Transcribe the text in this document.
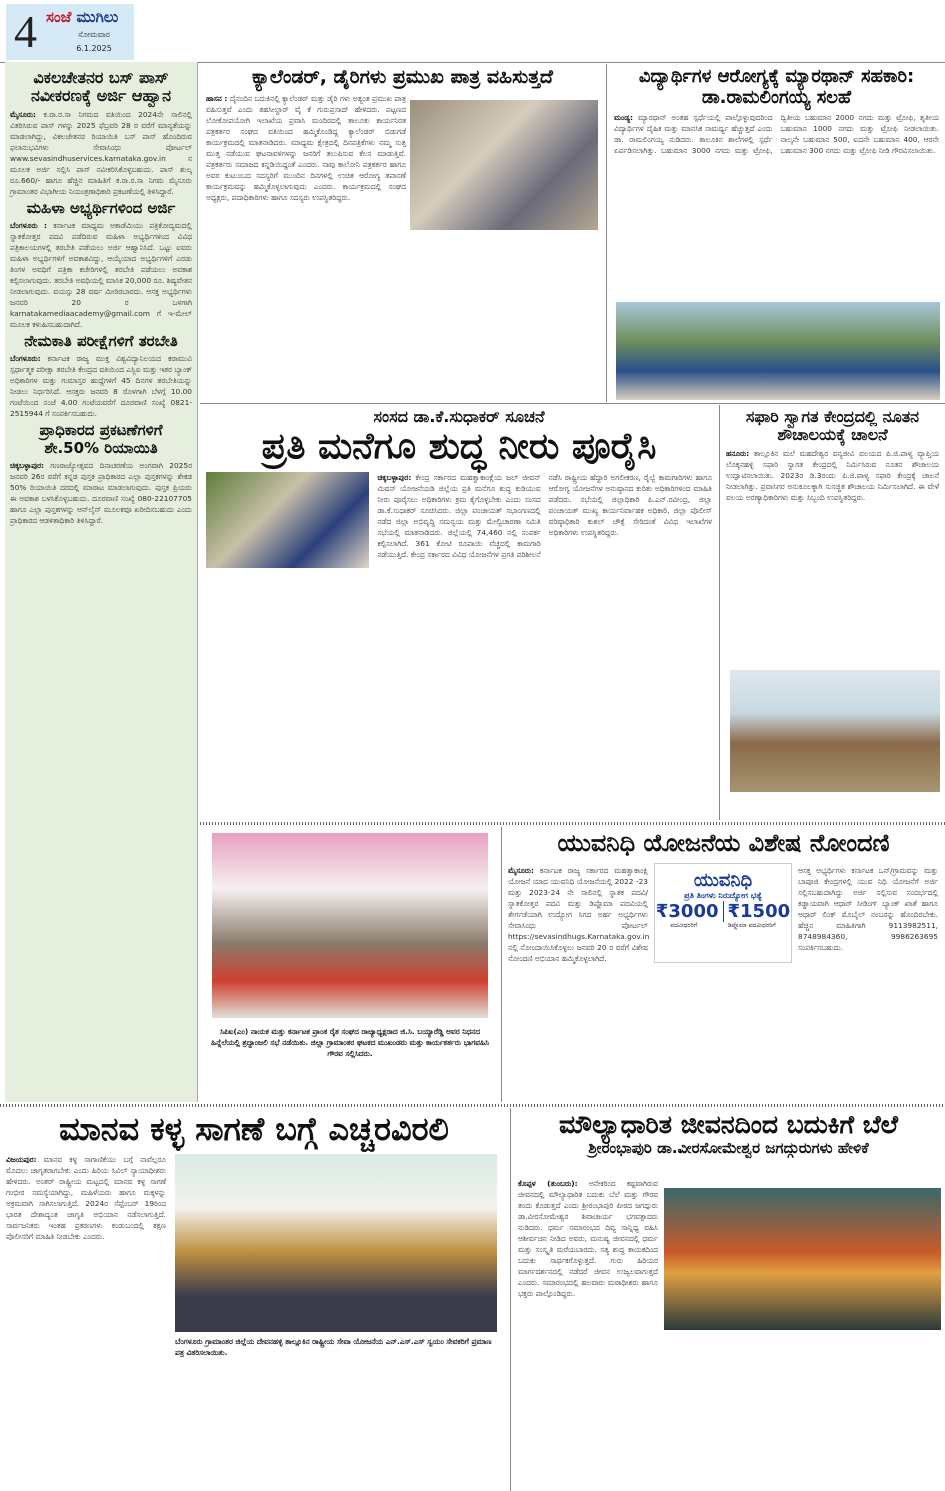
4 ಸಂಜೆ ಮುಗಿಲು
ಸೋಮವಾರ
6.1.2025
ವಿಕಲಚೇತನರ ಬಸ್ ಪಾಸ್ ನವೀಕರಣಕ್ಕೆ ಅರ್ಜಿ ಆಹ್ವಾನ

ಮೈಸೂರು: ಕ.ರಾ.ರ.ಸಾ ನಿಗಮದ ವತಿಯಿಂದ 2024ನೇ ಸಾಲಿನಲ್ಲಿ ವಿತರಿಸಿರುವ ಪಾಸ್ ಗಳನ್ನು 2025 ಫೆಬ್ರವರಿ 28 ರ ವರೆಗೆ ಮಾನ್ಯತೆಯನ್ನು ಮಾಡಲಾಗಿದ್ದು, ವಿಕಲಚೇತನರ ರಿಯಾಯಿತಿ ಬಸ್ ಪಾಸ್ ಹೊಂದಿರುವ ಫಲಾನುಭವಿಗಳು ಸೇವಾಸಿಂಧು ಪೋರ್ಟಲ್ www.sevasindhuservices.karnataka.gov.in ನ ಮೂಲಕ ಅರ್ಜಿ ಸಲ್ಲಿಸಿ ಪಾಸ್ ನವೀಕರಿಸಿಕೊಳ್ಳಬಹುದು. ಪಾಸ್ ಶುಲ್ಕ ರೂ.660/- ಹಾಗೂ ಹೆಚ್ಚಿನ ಮಾಹಿತಿಗೆ ಕ.ರಾ.ರ.ಸಾ ನಿಗಮ ಮೈಸೂರು ಗ್ರಾಮಾಂತರ ವಿಭಾಗೀಯ ನಿಯಂತ್ರಣಾಧಿಕಾರಿ ಪ್ರಕಟಣೆಯಲ್ಲಿ ತಿಳಿಸಿದ್ದಾರೆ.

ಮಹಿಳಾ ಅಭ್ಯರ್ಥಿಗಳಿಂದ ಅರ್ಜಿ

ಬೆಂಗಳೂರು : ಕರ್ನಾಟಕ ಮಾಧ್ಯಮ ಅಕಾಡೆಮಿಯು ಪತ್ರಿಕೋದ್ಯಮದಲ್ಲಿ ಸ್ನಾತಕೋತ್ತರ ಪದವಿ ಪಡೆದಿರುವ ಮಹಿಳಾ ಅಭ್ಯರ್ಥಿಗಳಿಂದ ವಿವಿಧ ಪತ್ರಿಕಾಲಯಗಳಲ್ಲಿ ತರಬೇತಿ ಪಡೆಯಲು ಅರ್ಜಿ ಆಹ್ವಾನಿಸಿದೆ. ಒಟ್ಟು ಐವರು ಮಹಿಳಾ ಅಭ್ಯರ್ಥಿಗಳಿಗೆ ಅವಕಾಶವಿದ್ದು, ಆಯ್ಕೆಯಾದ ಅಭ್ಯರ್ಥಿಗಳಿಗೆ ಎರಡು ತಿಂಗಳ ಅವಧಿಗೆ ಪತ್ರಿಕಾ ಕಚೇರಿಗಳಲ್ಲಿ ತರಬೇತಿ ಪಡೆಯಲು ಅವಕಾಶ ಕಲ್ಪಿಸಲಾಗುವುದು. ತರಬೇತಿ ಅವಧಿಯಲ್ಲಿ ಮಾಸಿಕ 20,000 ರೂ. ಶಿಷ್ಯವೇತನ ನೀಡಲಾಗುವುದು. ವಯಸ್ಸು 28 ವರ್ಷ ಮೀರಿರಬಾರದು. ಆಸಕ್ತ ಅಭ್ಯರ್ಥಿಗಳು ಜನವರಿ 20 ರ ಒಳಗಾಗಿ karnatakamediaacademy@gmail.com ಗೆ ಇ-ಮೇಲ್ ಮೂಲಕ ಕಳುಹಿಸಬಹುದಾಗಿದೆ.

ನೇಮಕಾತಿ ಪರೀಕ್ಷೆಗಳಿಗೆ ತರಬೇತಿ

ಬೆಂಗಳೂರು: ಕರ್ನಾಟಕ ರಾಜ್ಯ ಮುಕ್ತ ವಿಶ್ವವಿದ್ಯಾನಿಲಯದ ಕರಾಮುವಿ ಸ್ಪರ್ಧಾತ್ಮಕ ಪರೀಕ್ಷಾ ತರಬೇತಿ ಕೇಂದ್ರದ ವತಿಯಿಂದ ಎಸ್ಬಿಐ ಮತ್ತು ಇತರ ಬ್ಯಾಂಕ್ ಅಧಿಕಾರಿಗಳ ಮತ್ತು ಗುಮಾಸ್ತರ ಹುದ್ದೆಗಳಿಗೆ 45 ದಿನಗಳ ತರಬೇತಿಯನ್ನು ನೀಡಲು ನಿರ್ಧರಿಸಿದೆ. ಆಸಕ್ತರು ಜನವರಿ 8 ರೊಳಗಾಗಿ ಬೆಳಗ್ಗೆ 10.00 ಗಂಟೆಯಿಂದ ಸಂಜೆ 4.00 ಗಂಟೆಯವರೆಗೆ ದೂರವಾಣಿ ಸಂಖ್ಯೆ 0821-2515944 ಗೆ ಸಂಪರ್ಕಿಸಬಹುದು.

ಪ್ರಾಧಿಕಾರದ ಪ್ರಕಟಣೆಗಳಿಗೆ ಶೇ.50% ರಿಯಾಯಿತಿ

ಚಿಕ್ಕಬಳ್ಳಾಪುರ: ಗಣರಾಜ್ಯೋತ್ಸವದ ದಿನಾಚರಣೆಯ ಅಂಗವಾಗಿ 2025ರ ಜನವರಿ 26ರ ವರೆಗೆ ಕನ್ನಡ ಪುಸ್ತಕ ಪ್ರಾಧಿಕಾರದ ಎಲ್ಲಾ ಪುಸ್ತಕಗಳನ್ನು ಶೇಕಡ 50% ರಿಯಾಯಿತಿ ದರದಲ್ಲಿ ಮಾರಾಟ ಮಾಡಲಾಗುವುದು. ಪುಸ್ತಕ ಪ್ರಿಯರು ಈ ಅವಕಾಶ ಬಳಸಿಕೊಳ್ಳಬಹುದು. ದೂರವಾಣಿ ಸಂಖ್ಯೆ 080-22107705 ಹಾಗೂ ಎಲ್ಲಾ ಪುಸ್ತಕಗಳನ್ನು ಆನ್‌ಲೈನ್ ಮೂಲಕವೂ ಖರೀದಿಸಬಹುದು ಎಂದು ಪ್ರಾಧಿಕಾರದ ಆಡಳಿತಾಧಿಕಾರಿ ತಿಳಿಸಿದ್ದಾರೆ.

ಕ್ಯಾಲೆಂಡರ್, ಡೈರಿಗಳು ಪ್ರಮುಖ ಪಾತ್ರ ವಹಿಸುತ್ತದೆ

ಹಾಸನ : ದೈನಂದಿನ ಬದುಕಿನಲ್ಲಿ ಕ್ಯಾಲೆಂಡರ್ ಮತ್ತು ಡೈರಿ ಗಳು ಅತ್ಯಂತ ಪ್ರಮುಖ ಪಾತ್ರ ವಹಿಸುತ್ತವೆ ಎಂದು ತಹಸೀಲ್ದಾರ್ ವೈ ಕೆ ಗುರುಪ್ರಸಾದ್ ಹೇಳಿದರು. ಪಟ್ಟಣದ ಲೋಕೋಪಯೋಗಿ ಇಲಾಖೆಯ ಪ್ರವಾಸಿ ಮಂದಿರದಲ್ಲಿ ತಾಲೂಕು ಕಾರ್ಯನಿರತ ಪತ್ರಕರ್ತರ ಸಂಘದ ವತಿಯಿಂದ ಹಮ್ಮಿಕೊಂಡಿದ್ದ ಕ್ಯಾಲೆಂಡರ್ ಬಿಡುಗಡೆ ಕಾರ್ಯಕ್ರಮದಲ್ಲಿ ಮಾತನಾಡಿದರು. ಮಾಧ್ಯಮ ಕ್ಷೇತ್ರದಲ್ಲಿ ದಿನಪತ್ರಿಕೆಗಳು ನಮ್ಮ ಸುತ್ತ ಮುತ್ತ ನಡೆಯುವ ಘಟನಾವಳಿಗಳನ್ನು ಜನರಿಗೆ ತಲುಪಿಸುವ ಕೆಲಸ ಮಾಡುತ್ತಿವೆ. ಪತ್ರಕರ್ತರು ಸಮಾಜದ ಕನ್ನಡಿಯಿದ್ದಂತೆ ಎಂದರು. ನಾವು ಕಾಲೋನಿ ಪತ್ರಕರ್ತರ ಹಾಗೂ ಅವರ ಕುಟುಂಬದ ಸದಸ್ಯರಿಗೆ ಮುಂದಿನ ದಿನಗಳಲ್ಲಿ ಉಚಿತ ಆರೋಗ್ಯ ತಪಾಸಣೆ ಕಾರ್ಯಕ್ರಮವನ್ನು ಹಮ್ಮಿಕೊಳ್ಳಲಾಗುವುದು ಎಂದರು. ಕಾರ್ಯಕ್ರಮದಲ್ಲಿ ಸಂಘದ ಅಧ್ಯಕ್ಷರು, ಪದಾಧಿಕಾರಿಗಳು ಹಾಗೂ ಸದಸ್ಯರು ಉಪಸ್ಥಿತರಿದ್ದರು.

ವಿದ್ಯಾರ್ಥಿಗಳ ಆರೋಗ್ಯಕ್ಕೆ ಮ್ಯಾರಥಾನ್ ಸಹಕಾರಿ: ಡಾ.ರಾಮಲಿಂಗಯ್ಯ ಸಲಹೆ

ಮಂಡ್ಯ: ಮ್ಯಾರಥಾನ್ ಅಂತಹ ಸ್ಪರ್ಧೆಯಲ್ಲಿ ಪಾಲ್ಗೊಳ್ಳುವುದರಿಂದ ವಿದ್ಯಾರ್ಥಿಗಳ ದೈಹಿಕ ಮತ್ತು ಮಾನಸಿಕ ಸಾಮರ್ಥ್ಯ ಹೆಚ್ಚುತ್ತದೆ ಎಂದು ಡಾ. ರಾಮಲಿಂಗಯ್ಯ ನುಡಿದರು. ತಾಲೂಕಿನ ಶಾಲೆಗಳಲ್ಲಿ ಸ್ಪರ್ಧೆ ಏರ್ಪಡಿಸಲಾಗಿತ್ತು. ಬಹುಮಾನ 3000 ನಗದು ಮತ್ತು ಟ್ರೋಫಿ, ದ್ವಿತೀಯ ಬಹುಮಾನ 2000 ನಗದು ಮತ್ತು ಟ್ರೋಫಿ, ತೃತೀಯ ಬಹುಮಾನ 1000 ನಗದು ಮತ್ತು ಟ್ರೋಫಿ ನೀಡಲಾಯಿತು. ನಾಲ್ಕನೇ ಬಹುಮಾನ 500, ಐದನೇ ಬಹುಮಾನ 400, ಆರನೇ ಬಹುಮಾನ 300 ನಗದು ಮತ್ತು ಟ್ರೋಫಿ ನೀಡಿ ಗೌರವಿಸಲಾಯಿತು.

ಸಂಸದ ಡಾ.ಕೆ.ಸುಧಾಕರ್ ಸೂಚನೆ
ಪ್ರತಿ ಮನೆಗೂ ಶುದ್ಧ ನೀರು ಪೂರೈಸಿ

ಚಿಕ್ಕಬಳ್ಳಾಪುರ: ಕೇಂದ್ರ ಸರ್ಕಾರದ ಮಹತ್ವಾಕಾಂಕ್ಷೆಯ ಜಲ್ ಜೀವನ್ ಮಿಷನ್ ಯೋಜನೆಯಡಿ ಜಿಲ್ಲೆಯ ಪ್ರತಿ ಮನೆಗೂ ಶುದ್ಧ ಕುಡಿಯುವ ನೀರು ಪೂರೈಸಲು ಅಧಿಕಾರಿಗಳು ಕ್ರಮ ಕೈಗೊಳ್ಳಬೇಕು ಎಂದು ಸಂಸದ ಡಾ.ಕೆ.ಸುಧಾಕರ್ ಸೂಚಿಸಿದರು. ಜಿಲ್ಲಾ ಪಂಚಾಯತ್ ಸಭಾಂಗಣದಲ್ಲಿ ನಡೆದ ಜಿಲ್ಲಾ ಅಭಿವೃದ್ಧಿ ಸಮನ್ವಯ ಮತ್ತು ಮೇಲ್ವಿಚಾರಣಾ ಸಮಿತಿ ಸಭೆಯಲ್ಲಿ ಮಾತನಾಡಿದರು. ಜಿಲ್ಲೆಯಲ್ಲಿ 74,460 ನಲ್ಲಿ ಸಂಪರ್ಕ ಕಲ್ಪಿಸಲಾಗಿದೆ. 361 ಕೋಟಿ ರೂಪಾಯಿ ವೆಚ್ಚದಲ್ಲಿ ಕಾಮಗಾರಿ ನಡೆಯುತ್ತಿದೆ. ಕೇಂದ್ರ ಸರ್ಕಾರದ ವಿವಿಧ ಯೋಜನೆಗಳ ಪ್ರಗತಿ ಪರಿಶೀಲನೆ ನಡೆಸಿ ರಾಷ್ಟ್ರೀಯ ಹೆದ್ದಾರಿ ಅಗಲೀಕರಣ, ರೈಲ್ವೆ ಕಾಮಗಾರಿಗಳು ಹಾಗೂ ಆರೋಗ್ಯ ಯೋಜನೆಗಳ ಅನುಷ್ಠಾನದ ಕುರಿತು ಅಧಿಕಾರಿಗಳಿಂದ ಮಾಹಿತಿ ಪಡೆದರು. ಸಭೆಯಲ್ಲಿ ಜಿಲ್ಲಾಧಿಕಾರಿ ಪಿ.ಎನ್.ರವೀಂದ್ರ, ಜಿಲ್ಲಾ ಪಂಚಾಯತ್ ಮುಖ್ಯ ಕಾರ್ಯನಿರ್ವಾಹಕ ಅಧಿಕಾರಿ, ಜಿಲ್ಲಾ ಪೊಲೀಸ್ ವರಿಷ್ಠಾಧಿಕಾರಿ ಕುಶಲ್ ಚೌಕ್ಸೆ ಸೇರಿದಂತೆ ವಿವಿಧ ಇಲಾಖೆಗಳ ಅಧಿಕಾರಿಗಳು ಉಪಸ್ಥಿತರಿದ್ದರು.

ಸಫಾರಿ ಸ್ವಾಗತ ಕೇಂದ್ರದಲ್ಲಿ ನೂತನ ಶೌಚಾಲಯಕ್ಕೆ ಚಾಲನೆ

ಹನೂರು: ತಾಲ್ಲೂಕಿನ ಮಲೆ ಮಹದೇಶ್ವರ ವನ್ಯಜೀವಿ ವಲಯದ ಪಿ.ಜಿ.ಪಾಳ್ಯ ವ್ಯಾಪ್ತಿಯ ಲೊಕ್ಕನಹಳ್ಳಿ ಸಫಾರಿ ಸ್ವಾಗತ ಕೇಂದ್ರದಲ್ಲಿ ನಿರ್ಮಿಸಿರುವ ನೂತನ ಶೌಚಾಲಯ ಉದ್ಘಾಟಿಸಲಾಯಿತು. 2023ರ ಡಿ.3ರಂದು ಪಿ.ಜಿ.ಪಾಳ್ಯ ಸಫಾರಿ ಕೇಂದ್ರಕ್ಕೆ ಚಾಲನೆ ನೀಡಲಾಗಿತ್ತು. ಪ್ರವಾಸಿಗರ ಅನುಕೂಲಕ್ಕಾಗಿ ಸುಸಜ್ಜಿತ ಶೌಚಾಲಯ ನಿರ್ಮಿಸಲಾಗಿದೆ. ಈ ವೇಳೆ ವಲಯ ಅರಣ್ಯಾಧಿಕಾರಿಗಳು ಮತ್ತು ಸಿಬ್ಬಂದಿ ಉಪಸ್ಥಿತರಿದ್ದರು.

ಸಿಪಿಐ(ಎಂ) ನಾಯಕ ಮತ್ತು ಕರ್ನಾಟಕ ಪ್ರಾಂತ ರೈತ ಸಂಘದ ರಾಜ್ಯಾಧ್ಯಕ್ಷರಾದ ಜಿ.ಸಿ. ಬಯ್ಯಾರೆಡ್ಡಿ ಅವರ ನಿಧನದ ಹಿನ್ನೆಲೆಯಲ್ಲಿ ಶ್ರದ್ಧಾಂಜಲಿ ಸಭೆ ನಡೆಯಿತು. ಜಿಲ್ಲಾ ಗ್ರಾಮಾಂತರ ಘಟಕದ ಮುಖಂಡರು ಮತ್ತು ಕಾರ್ಯಕರ್ತರು ಭಾಗವಹಿಸಿ ಗೌರವ ಸಲ್ಲಿಸಿದರು.

ಯುವನಿಧಿ ಯೋಜನೆಯ ವಿಶೇಷ ನೋಂದಣಿ

ಮೈಸೂರು: ಕರ್ನಾಟಕ ರಾಜ್ಯ ಸರ್ಕಾರದ ಮಹತ್ವಾಕಾಂಕ್ಷಿ ಯೋಜನೆ ಯಾದ ಯುವನಿಧಿ ಯೋಜನೆಯಲ್ಲಿ 2022 -23 ಮತ್ತು 2023-24 ನೇ ಸಾಲಿನಲ್ಲಿ ಸ್ನಾತಕ ಪದವಿ/ಸ್ನಾತಕೋತ್ತರ ಪದವಿ ಮತ್ತು ಡಿಪ್ಲೊಮಾ ಪದವಿಯಲ್ಲಿ ತೇರ್ಗಡೆಯಾಗಿ ಉದ್ಯೋಗ ಸಿಗದ ಅರ್ಹ ಅಭ್ಯರ್ಥಿಗಳು ಸೇವಾಸಿಂಧು ಪೋರ್ಟಲ್ https://sevasindhugs.Karnataka.gov.in ನಲ್ಲಿ ನೋಂದಾಯಿಸಿಕೊಳ್ಳಲು ಜನವರಿ 20 ರ ವರೆಗೆ ವಿಶೇಷ ನೋಂದಣಿ ಅಭಿಯಾನ ಹಮ್ಮಿಕೊಳ್ಳಲಾಗಿದೆ.

ಯುವನಿಧಿ
ಪ್ರತಿ ತಿಂಗಳು ನಿರುದ್ಯೋಗ ಭತ್ಯೆ
₹3000 ₹1500
ಪದವೀಧರರಿಗೆ	ಡಿಪ್ಲೊಮಾ ಪದವೀಧರರಿಗೆ

ಆಸಕ್ತ ಅಭ್ಯರ್ಥಿಗಳು ಕರ್ನಾಟಕ ಒನ್/ಗ್ರಾಮವನ್ನು ಮತ್ತು ಬಾಪೂಜಿ ಕೇಂದ್ರಗಳಲ್ಲಿ ಯುವ ನಿಧಿ ಯೋಜನೆಗೆ ಅರ್ಜಿ ಸಲ್ಲಿಸಬಹುದಾಗಿದ್ದು ಅರ್ಜಿ ಸಲ್ಲಿಸುವ ಸಂದರ್ಭದಲ್ಲಿ ಕಡ್ಡಾಯವಾಗಿ ಆಧಾರ್ ಸೀಡಿಂಗ್ ಬ್ಯಾಂಕ್ ಖಾತೆ ಹಾಗೂ ಆಧಾರ್ ಲಿಂಕ್ ಮೊಬೈಲ್ ನಂಬರನ್ನು ಹೊಂದಿರಬೇಕು. ಹೆಚ್ಚಿನ ಮಾಹಿತಿಗಾಗಿ 9113982511, 8748984360, 9986263695 ಸಂಪರ್ಕಿಸಬಹುದು.

ಮಾನವ ಕಳ್ಳ ಸಾಗಣೆ ಬಗ್ಗೆ ಎಚ್ಚರವಿರಲಿ

ವಿಜಯಪುರ: ಮಾನವ ಕಳ್ಳ ಸಾಗಾಣಿಕೆಯು ಬಗ್ಗೆ ನಾವೆಲ್ಲರೂ ಮೊದಲು ಜಾಗೃತರಾಗಬೇಕು ಎಂದು ಹಿರಿಯ ಸಿವಿಲ್ ನ್ಯಾಯಾಧೀಶರು ಹೇಳಿದರು. ಅಂತರ್ ರಾಷ್ಟ್ರೀಯ ಮಟ್ಟದಲ್ಲಿ ಮಾನವ ಕಳ್ಳ ಸಾಗಣೆ ಗಂಭೀರ ಸಮಸ್ಯೆಯಾಗಿದ್ದು, ಮಹಿಳೆಯರು ಹಾಗೂ ಮಕ್ಕಳನ್ನು ಅಕ್ರಮವಾಗಿ ಸಾಗಿಸಲಾಗುತ್ತಿದೆ. 2024ರ ಸೆಪ್ಟೆಂಬರ್ 19ರಿಂದ ಭಾರತ ದೇಶಾದ್ಯಂತ ಜಾಗೃತಿ ಅಭಿಯಾನ ನಡೆಸಲಾಗುತ್ತಿದೆ. ಸಾರ್ವಜನಿಕರು ಇಂತಹ ಪ್ರಕರಣಗಳು ಕಂಡುಬಂದಲ್ಲಿ ತಕ್ಷಣ ಪೊಲೀಸರಿಗೆ ಮಾಹಿತಿ ನೀಡಬೇಕು ಎಂದರು.

ಬೆಂಗಳೂರು ಗ್ರಾಮಾಂತರ ಜಿಲ್ಲೆಯ ದೇವನಹಳ್ಳಿ ತಾಲ್ಲೂಕಿನ ರಾಷ್ಟ್ರೀಯ ಸೇವಾ ಯೋಜನೆಯ ಎನ್.ಎಸ್.ಎಸ್ ಸ್ವಯಂ ಸೇವಕರಿಗೆ ಪ್ರಮಾಣ ಪತ್ರ ವಿತರಿಸಲಾಯಿತು.

ಮೌಲ್ಯಾಧಾರಿತ ಜೀವನದಿಂದ ಬದುಕಿಗೆ ಬೆಲೆ
ಶ್ರೀರಂಭಾಪುರಿ ಡಾ.ವೀರಸೋಮೇಶ್ವರ ಜಗದ್ಗುರುಗಳು ಹೇಳಿಕೆ

ಕೊಪ್ಪಳ (ತುಂಬರು): ಅನೇಕರಿಂದ ಕಷ್ಟವಾಗಿರುವ ಜೀವನದಲ್ಲಿ ಮೌಲ್ಯಾಧಾರಿತ ಬದುಕು ಬೆಲೆ ಮತ್ತು ಗೌರವ ತಂದು ಕೊಡುತ್ತದೆ ಎಂದು ಶ್ರೀರಂಭಾಪುರಿ ಪೀಠದ ಜಗದ್ಗುರು ಡಾ.ವೀರಸೋಮೇಶ್ವರ ಶಿವಾಚಾರ್ಯ ಭಗವತ್ಪಾದರು ನುಡಿದರು. ಧರ್ಮ ಸಮಾರಂಭದ ದಿವ್ಯ ಸಾನ್ನಿಧ್ಯ ವಹಿಸಿ ಆಶೀರ್ವಚನ ನೀಡಿದ ಅವರು, ಮನುಷ್ಯ ಜೀವನದಲ್ಲಿ ಧರ್ಮ ಮತ್ತು ಸಂಸ್ಕೃತಿ ಮರೆಯಬಾರದು. ಸತ್ಯ ಶುದ್ಧ ಕಾಯಕದಿಂದ ಬದುಕು ಸಾರ್ಥಕಗೊಳ್ಳುತ್ತದೆ. ಗುರು ಹಿರಿಯರ ಮಾರ್ಗದರ್ಶನದಲ್ಲಿ ನಡೆದರೆ ಜೀವನ ಉಜ್ವಲವಾಗುತ್ತದೆ ಎಂದರು. ಸಮಾರಂಭದಲ್ಲಿ ಹಲವಾರು ಮಠಾಧೀಶರು ಹಾಗೂ ಭಕ್ತರು ಪಾಲ್ಗೊಂಡಿದ್ದರು.
